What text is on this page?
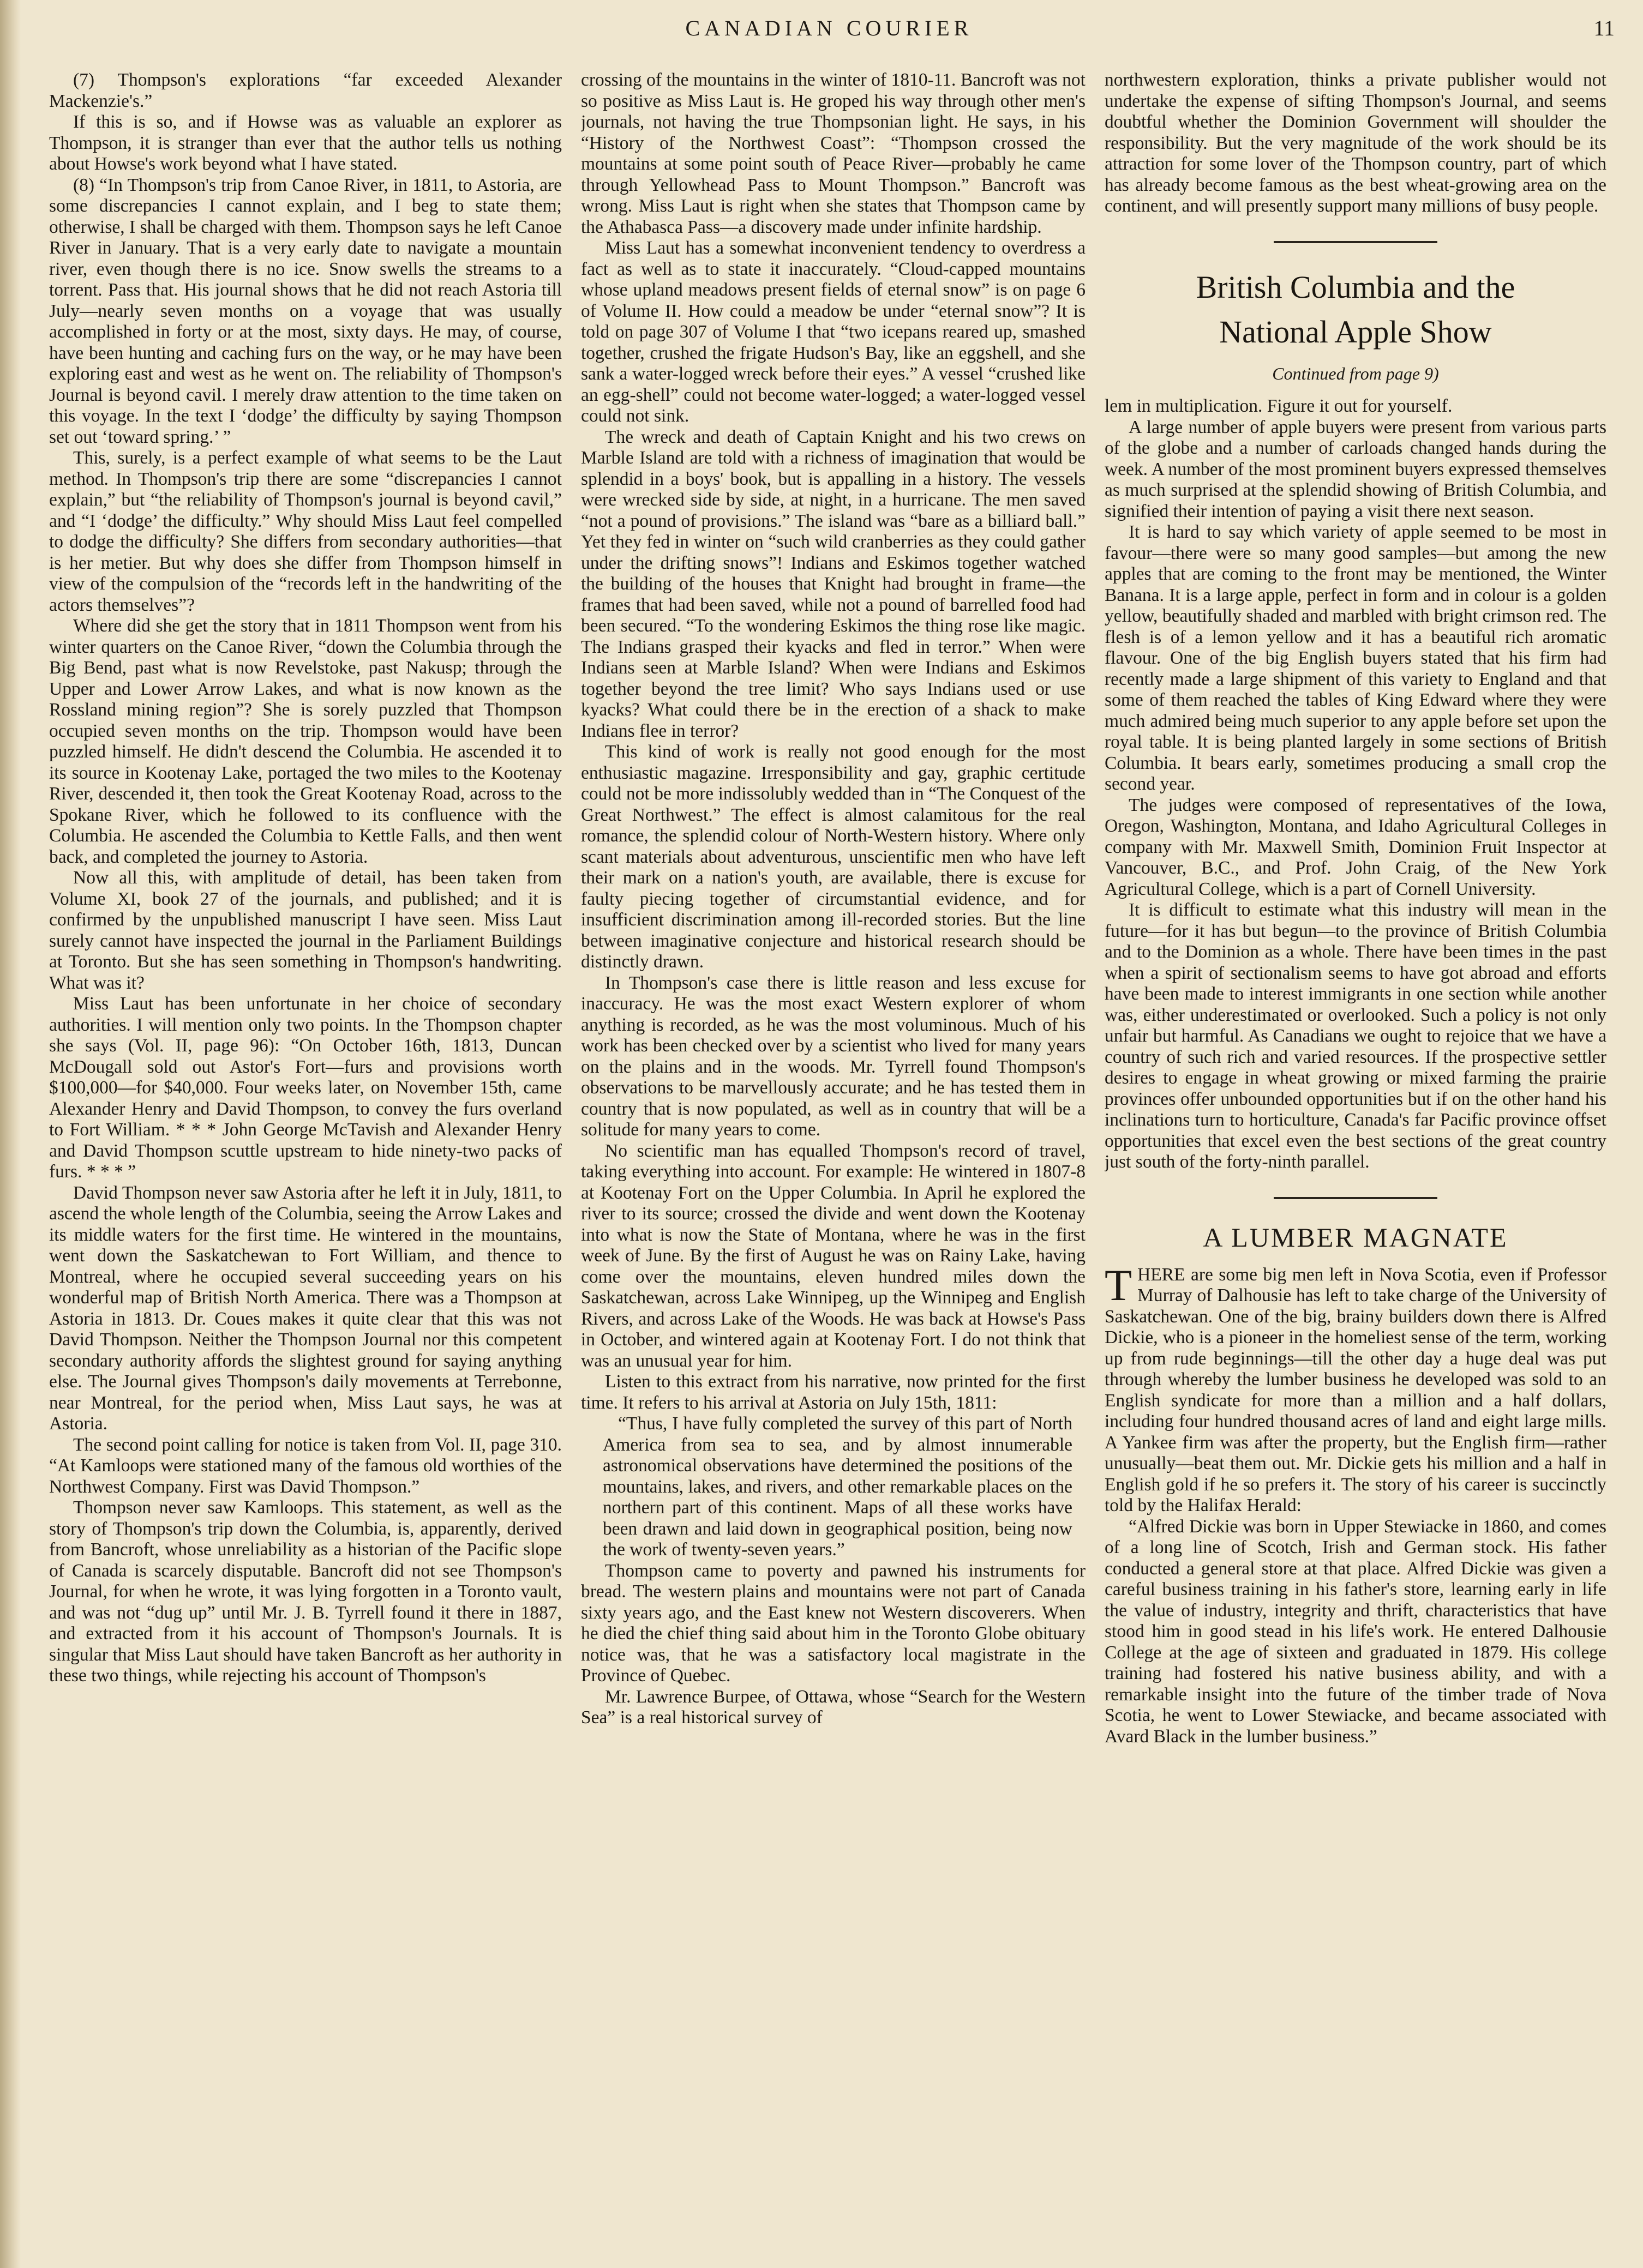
CANADIAN COURIER	11

(7) Thompson's explorations “far exceeded Alexander Mackenzie's.”

If this is so, and if Howse was as valuable an explorer as Thompson, it is stranger than ever that the author tells us nothing about Howse's work beyond what I have stated.

(8) “In Thompson's trip from Canoe River, in 1811, to Astoria, are some discrepancies I cannot explain, and I beg to state them; otherwise, I shall be charged with them. Thompson says he left Canoe River in January. That is a very early date to navigate a mountain river, even though there is no ice. Snow swells the streams to a torrent. Pass that. His journal shows that he did not reach Astoria till July—nearly seven months on a voyage that was usually accomplished in forty or at the most, sixty days. He may, of course, have been hunting and caching furs on the way, or he may have been exploring east and west as he went on. The reliability of Thompson's Journal is beyond cavil. I merely draw attention to the time taken on this voyage. In the text I ‘dodge’ the difficulty by saying Thompson set out ‘toward spring.’ ”

This, surely, is a perfect example of what seems to be the Laut method. In Thompson's trip there are some “discrepancies I cannot explain,” but “the reliability of Thompson's journal is beyond cavil,” and “I ‘dodge’ the difficulty.” Why should Miss Laut feel compelled to dodge the difficulty? She differs from secondary authorities—that is her metier. But why does she differ from Thompson himself in view of the compulsion of the “records left in the handwriting of the actors themselves”?

Where did she get the story that in 1811 Thompson went from his winter quarters on the Canoe River, “down the Columbia through the Big Bend, past what is now Revelstoke, past Nakusp; through the Upper and Lower Arrow Lakes, and what is now known as the Rossland mining region”? She is sorely puzzled that Thompson occupied seven months on the trip. Thompson would have been puzzled himself. He didn't descend the Columbia. He ascended it to its source in Kootenay Lake, portaged the two miles to the Kootenay River, descended it, then took the Great Kootenay Road, across to the Spokane River, which he followed to its confluence with the Columbia. He ascended the Columbia to Kettle Falls, and then went back, and completed the journey to Astoria.

Now all this, with amplitude of detail, has been taken from Volume XI, book 27 of the journals, and published; and it is confirmed by the unpublished manuscript I have seen. Miss Laut surely cannot have inspected the journal in the Parliament Buildings at Toronto. But she has seen something in Thompson's handwriting. What was it?

Miss Laut has been unfortunate in her choice of secondary authorities. I will mention only two points. In the Thompson chapter she says (Vol. II, page 96): “On October 16th, 1813, Duncan McDougall sold out Astor's Fort—furs and provisions worth $100,000—for $40,000. Four weeks later, on November 15th, came Alexander Henry and David Thompson, to convey the furs overland to Fort William. * * * John George McTavish and Alexander Henry and David Thompson scuttle upstream to hide ninety-two packs of furs. * * * ”

David Thompson never saw Astoria after he left it in July, 1811, to ascend the whole length of the Columbia, seeing the Arrow Lakes and its middle waters for the first time. He wintered in the mountains, went down the Saskatchewan to Fort William, and thence to Montreal, where he occupied several succeeding years on his wonderful map of British North America. There was a Thompson at Astoria in 1813. Dr. Coues makes it quite clear that this was not David Thompson. Neither the Thompson Journal nor this competent secondary authority affords the slightest ground for saying anything else. The Journal gives Thompson's daily movements at Terrebonne, near Montreal, for the period when, Miss Laut says, he was at Astoria.

The second point calling for notice is taken from Vol. II, page 310. “At Kamloops were stationed many of the famous old worthies of the Northwest Company. First was David Thompson.”

Thompson never saw Kamloops. This statement, as well as the story of Thompson's trip down the Columbia, is, apparently, derived from Bancroft, whose unreliability as a historian of the Pacific slope of Canada is scarcely disputable. Bancroft did not see Thompson's Journal, for when he wrote, it was lying forgotten in a Toronto vault, and was not “dug up” until Mr. J. B. Tyrrell found it there in 1887, and extracted from it his account of Thompson's Journals. It is singular that Miss Laut should have taken Bancroft as her authority in these two things, while rejecting his account of Thompson's

crossing of the mountains in the winter of 1810-11. Bancroft was not so positive as Miss Laut is. He groped his way through other men's journals, not having the true Thompsonian light. He says, in his “History of the Northwest Coast”: “Thompson crossed the mountains at some point south of Peace River—probably he came through Yellowhead Pass to Mount Thompson.” Bancroft was wrong. Miss Laut is right when she states that Thompson came by the Athabasca Pass—a discovery made under infinite hardship.

Miss Laut has a somewhat inconvenient tendency to overdress a fact as well as to state it inaccurately. “Cloud-capped mountains whose upland meadows present fields of eternal snow” is on page 6 of Volume II. How could a meadow be under “eternal snow”? It is told on page 307 of Volume I that “two icepans reared up, smashed together, crushed the frigate Hudson's Bay, like an eggshell, and she sank a water-logged wreck before their eyes.” A vessel “crushed like an egg-shell” could not become water-logged; a water-logged vessel could not sink.

The wreck and death of Captain Knight and his two crews on Marble Island are told with a richness of imagination that would be splendid in a boys' book, but is appalling in a history. The vessels were wrecked side by side, at night, in a hurricane. The men saved “not a pound of provisions.” The island was “bare as a billiard ball.” Yet they fed in winter on “such wild cranberries as they could gather under the drifting snows”! Indians and Eskimos together watched the building of the houses that Knight had brought in frame—the frames that had been saved, while not a pound of barrelled food had been secured. “To the wondering Eskimos the thing rose like magic. The Indians grasped their kyacks and fled in terror.” When were Indians seen at Marble Island? When were Indians and Eskimos together beyond the tree limit? Who says Indians used or use kyacks? What could there be in the erection of a shack to make Indians flee in terror?

This kind of work is really not good enough for the most enthusiastic magazine. Irresponsibility and gay, graphic certitude could not be more indissolubly wedded than in “The Conquest of the Great Northwest.” The effect is almost calamitous for the real romance, the splendid colour of North-Western history. Where only scant materials about adventurous, unscientific men who have left their mark on a nation's youth, are available, there is excuse for faulty piecing together of circumstantial evidence, and for insufficient discrimination among ill-recorded stories. But the line between imaginative conjecture and historical research should be distinctly drawn.

In Thompson's case there is little reason and less excuse for inaccuracy. He was the most exact Western explorer of whom anything is recorded, as he was the most voluminous. Much of his work has been checked over by a scientist who lived for many years on the plains and in the woods. Mr. Tyrrell found Thompson's observations to be marvellously accurate; and he has tested them in country that is now populated, as well as in country that will be a solitude for many years to come.

No scientific man has equalled Thompson's record of travel, taking everything into account. For example: He wintered in 1807-8 at Kootenay Fort on the Upper Columbia. In April he explored the river to its source; crossed the divide and went down the Kootenay into what is now the State of Montana, where he was in the first week of June. By the first of August he was on Rainy Lake, having come over the mountains, eleven hundred miles down the Saskatchewan, across Lake Winnipeg, up the Winnipeg and English Rivers, and across Lake of the Woods. He was back at Howse's Pass in October, and wintered again at Kootenay Fort. I do not think that was an unusual year for him.

Listen to this extract from his narrative, now printed for the first time. It refers to his arrival at Astoria on July 15th, 1811:

“Thus, I have fully completed the survey of this part of North America from sea to sea, and by almost innumerable astronomical observations have determined the positions of the mountains, lakes, and rivers, and other remarkable places on the northern part of this continent. Maps of all these works have been drawn and laid down in geographical position, being now the work of twenty-seven years.”

Thompson came to poverty and pawned his instruments for bread. The western plains and mountains were not part of Canada sixty years ago, and the East knew not Western discoverers. When he died the chief thing said about him in the Toronto Globe obituary notice was, that he was a satisfactory local magistrate in the Province of Quebec.

Mr. Lawrence Burpee, of Ottawa, whose “Search for the Western Sea” is a real historical survey of

northwestern exploration, thinks a private publisher would not undertake the expense of sifting Thompson's Journal, and seems doubtful whether the Dominion Government will shoulder the responsibility. But the very magnitude of the work should be its attraction for some lover of the Thompson country, part of which has already become famous as the best wheat-growing area on the continent, and will presently support many millions of busy people.

British Columbia and the
National Apple Show
Continued from page 9)

lem in multiplication. Figure it out for yourself.

A large number of apple buyers were present from various parts of the globe and a number of carloads changed hands during the week. A number of the most prominent buyers expressed themselves as much surprised at the splendid showing of British Columbia, and signified their intention of paying a visit there next season.

It is hard to say which variety of apple seemed to be most in favour—there were so many good samples—but among the new apples that are coming to the front may be mentioned, the Winter Banana. It is a large apple, perfect in form and in colour is a golden yellow, beautifully shaded and marbled with bright crimson red. The flesh is of a lemon yellow and it has a beautiful rich aromatic flavour. One of the big English buyers stated that his firm had recently made a large shipment of this variety to England and that some of them reached the tables of King Edward where they were much admired being much superior to any apple before set upon the royal table. It is being planted largely in some sections of British Columbia. It bears early, sometimes producing a small crop the second year.

The judges were composed of representatives of the Iowa, Oregon, Washington, Montana, and Idaho Agricultural Colleges in company with Mr. Maxwell Smith, Dominion Fruit Inspector at Vancouver, B.C., and Prof. John Craig, of the New York Agricultural College, which is a part of Cornell University.

It is difficult to estimate what this industry will mean in the future—for it has but begun—to the province of British Columbia and to the Dominion as a whole. There have been times in the past when a spirit of sectionalism seems to have got abroad and efforts have been made to interest immigrants in one section while another was, either underestimated or overlooked. Such a policy is not only unfair but harmful. As Canadians we ought to rejoice that we have a country of such rich and varied resources. If the prospective settler desires to engage in wheat growing or mixed farming the prairie provinces offer unbounded opportunities but if on the other hand his inclinations turn to horticulture, Canada's far Pacific province offset opportunities that excel even the best sections of the great country just south of the forty-ninth parallel.

A LUMBER MAGNATE

THERE are some big men left in Nova Scotia, even if Professor Murray of Dalhousie has left to take charge of the University of Saskatchewan. One of the big, brainy builders down there is Alfred Dickie, who is a pioneer in the homeliest sense of the term, working up from rude beginnings—till the other day a huge deal was put through whereby the lumber business he developed was sold to an English syndicate for more than a million and a half dollars, including four hundred thousand acres of land and eight large mills. A Yankee firm was after the property, but the English firm—rather unusually—beat them out. Mr. Dickie gets his million and a half in English gold if he so prefers it. The story of his career is succinctly told by the Halifax Herald:

“Alfred Dickie was born in Upper Stewiacke in 1860, and comes of a long line of Scotch, Irish and German stock. His father conducted a general store at that place. Alfred Dickie was given a careful business training in his father's store, learning early in life the value of industry, integrity and thrift, characteristics that have stood him in good stead in his life's work. He entered Dalhousie College at the age of sixteen and graduated in 1879. His college training had fostered his native business ability, and with a remarkable insight into the future of the timber trade of Nova Scotia, he went to Lower Stewiacke, and became associated with Avard Black in the lumber business.”
